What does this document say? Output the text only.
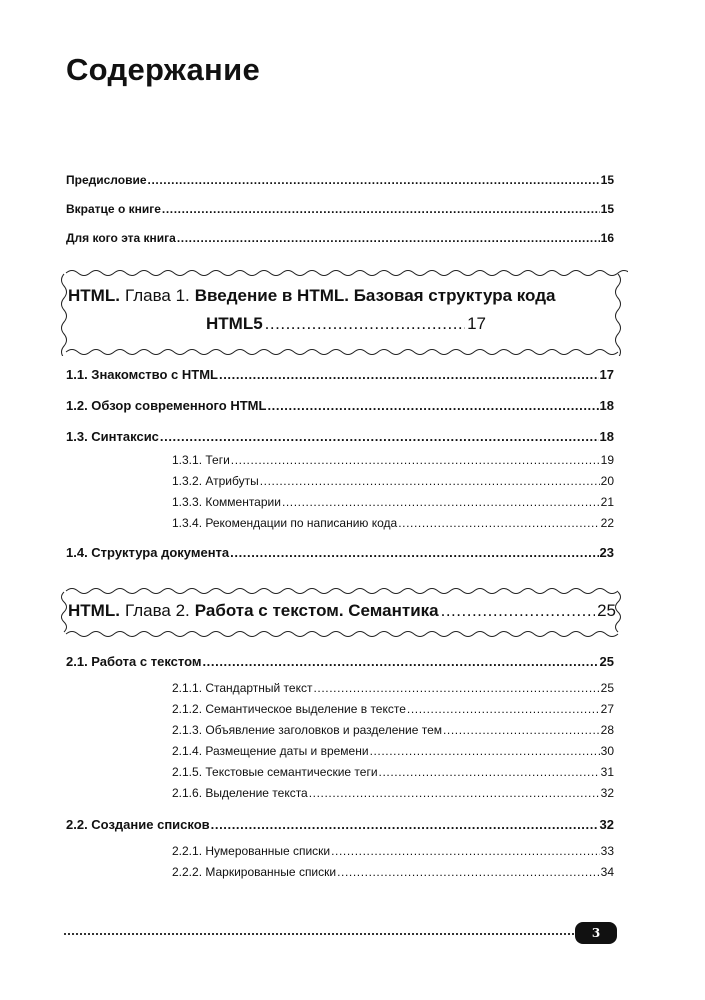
Содержание
Предисловие .....	15
Вкратце о книге .....	15
Для кого эта книга .....	16
HTML. Глава 1. Введение в HTML. Базовая структура кода
HTML5 .....	17
1.1. Знакомство с HTML .....	17
1.2. Обзор современного HTML .....	18
1.3. Синтаксис .....	18
1.3.1. Теги .....	19
1.3.2. Атрибуты .....	20
1.3.3. Комментарии .....	21
1.3.4. Рекомендации по написанию кода .....	22
1.4. Структура документа .....	23
HTML. Глава 2. Работа с текстом. Семантика .....	25
2.1. Работа с текстом .....	25
2.1.1. Стандартный текст .....	25
2.1.2. Семантическое выделение в тексте .....	27
2.1.3. Объявление заголовков и разделение тем .....	28
2.1.4. Размещение даты и времени .....	30
2.1.5. Текстовые семантические теги .....	31
2.1.6. Выделение текста .....	32
2.2. Создание списков .....	32
2.2.1. Нумерованные списки .....	33
2.2.2. Маркированные списки .....	34
3
